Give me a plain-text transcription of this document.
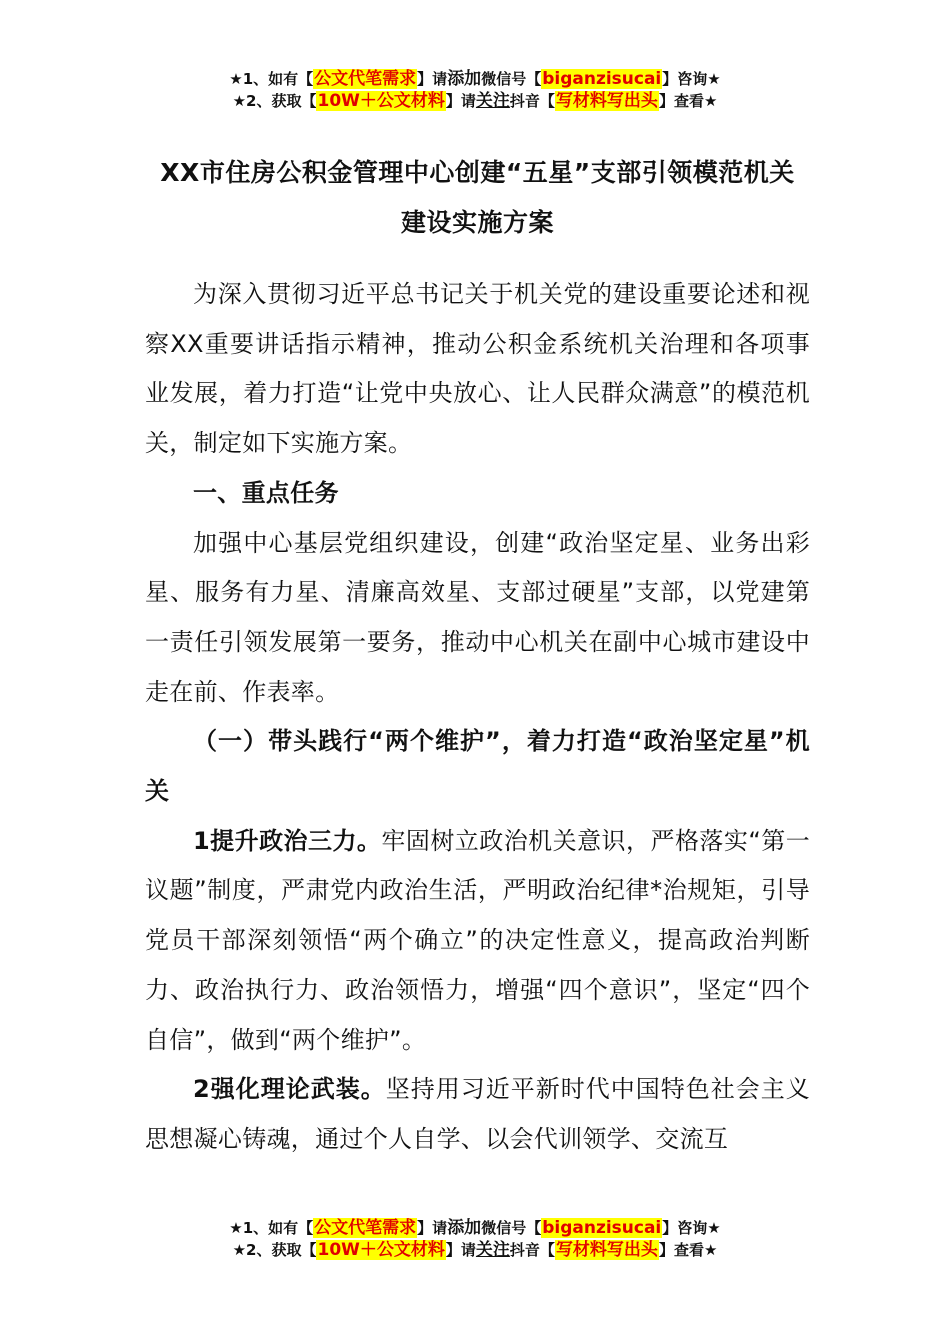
★1、如有【公文代笔需求】请添加微信号【biganzisucai】咨询★
★2、获取【10W＋公文材料】请关注抖音【写材料写出头】查看★
XX市住房公积金管理中心创建“五星”支部引领模范机关
建设实施方案

为深入贯彻习近平总书记关于机关党的建设重要论述和视察XX重要讲话指示精神，推动公积金系统机关治理和各项事业发展，着力打造“让党中央放心、让人民群众满意”的模范机关，制定如下实施方案。

一、重点任务

加强中心基层党组织建设，创建“政治坚定星、业务出彩星、服务有力星、清廉高效星、支部过硬星”支部，以党建第一责任引领发展第一要务，推动中心机关在副中心城市建设中走在前、作表率。

（一）带头践行“两个维护”，着力打造“政治坚定星”机关

1提升政治三力。牢固树立政治机关意识，严格落实“第一议题”制度，严肃党内政治生活，严明政治纪律*治规矩，引导党员干部深刻领悟“两个确立”的决定性意义，提高政治判断力、政治执行力、政治领悟力，增强“四个意识”，坚定“四个自信”，做到“两个维护”。

2强化理论武装。坚持用习近平新时代中国特色社会主义思想凝心铸魂，通过个人自学、以会代训领学、交流互

★1、如有【公文代笔需求】请添加微信号【biganzisucai】咨询★
★2、获取【10W＋公文材料】请关注抖音【写材料写出头】查看★
